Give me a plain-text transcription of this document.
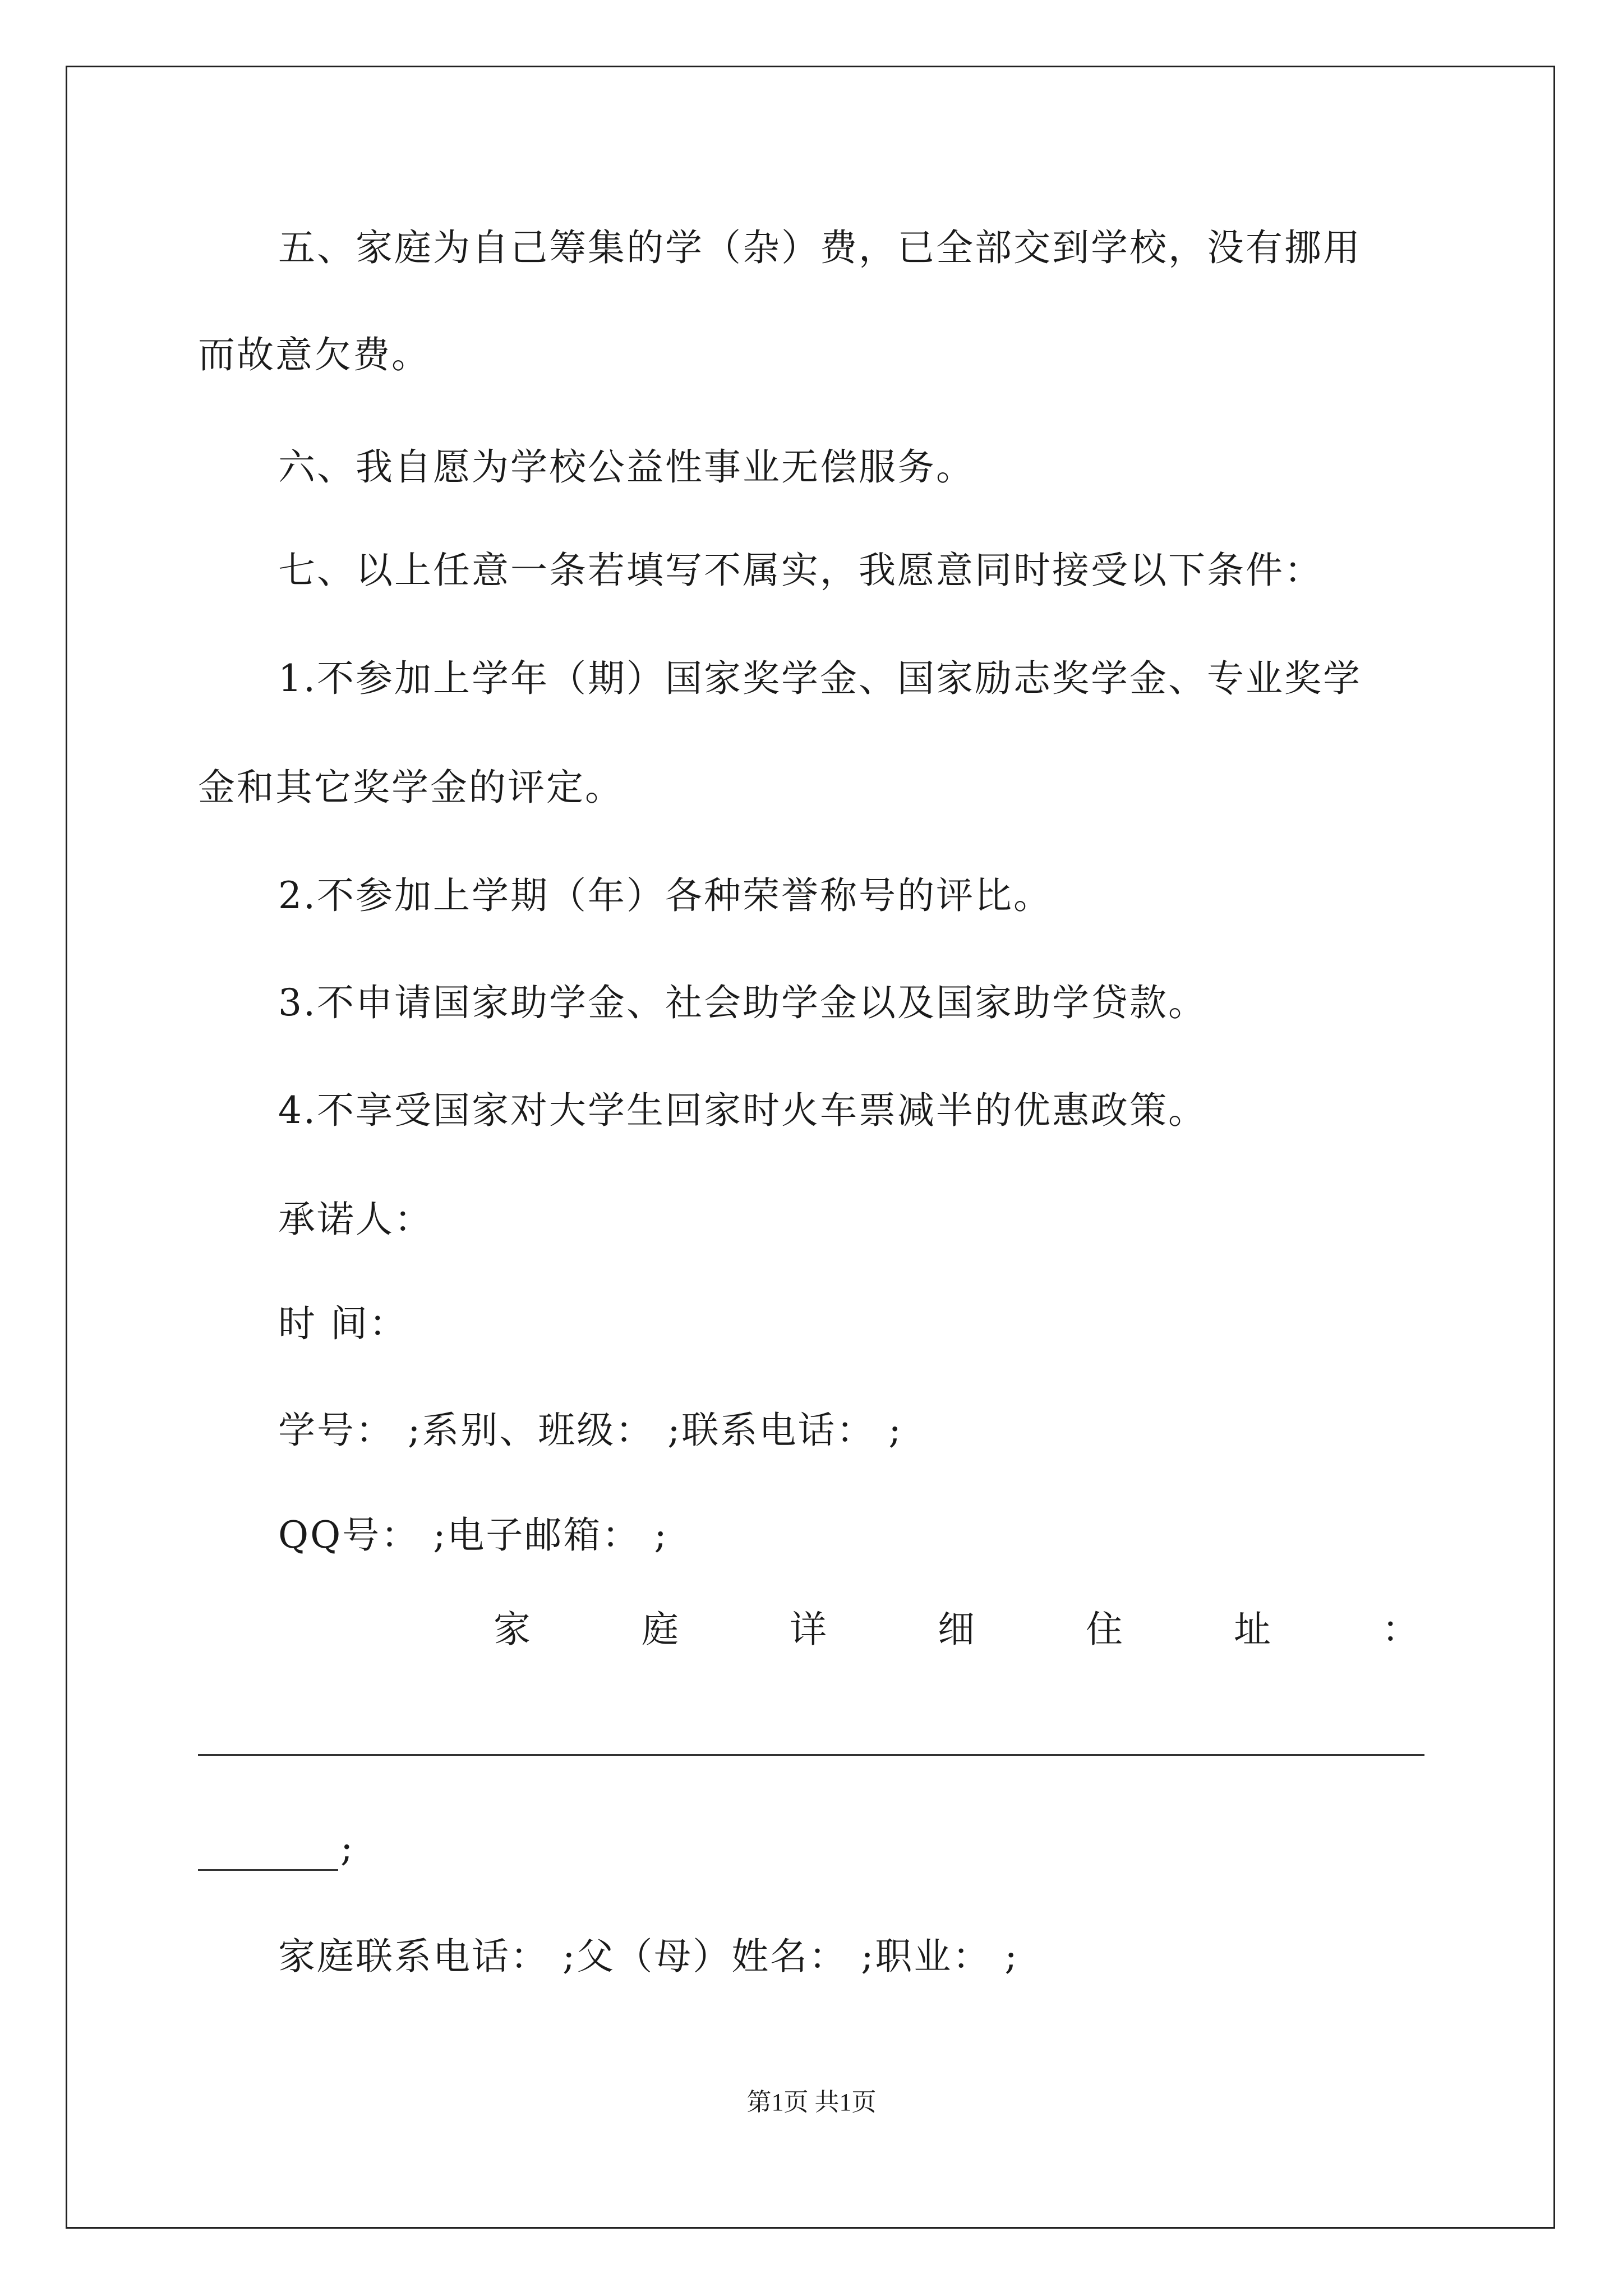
五、家庭为自己筹集的学（杂）费，已全部交到学校，没有挪用
而故意欠费。
六、我自愿为学校公益性事业无偿服务。
七、以上任意一条若填写不属实，我愿意同时接受以下条件：
1.不参加上学年（期）国家奖学金、国家励志奖学金、专业奖学
金和其它奖学金的评定。
2.不参加上学期（年）各种荣誉称号的评比。
3.不申请国家助学金、社会助学金以及国家助学贷款。
4.不享受国家对大学生回家时火车票减半的优惠政策。
承诺人：
时 间：
学号： ;系别、班级： ;联系电话： ;
QQ号： ;电子邮箱： ;
家	庭	详	细	住	址	：
;
家庭联系电话： ;父（母）姓名： ;职业： ;
第1页 共1页
